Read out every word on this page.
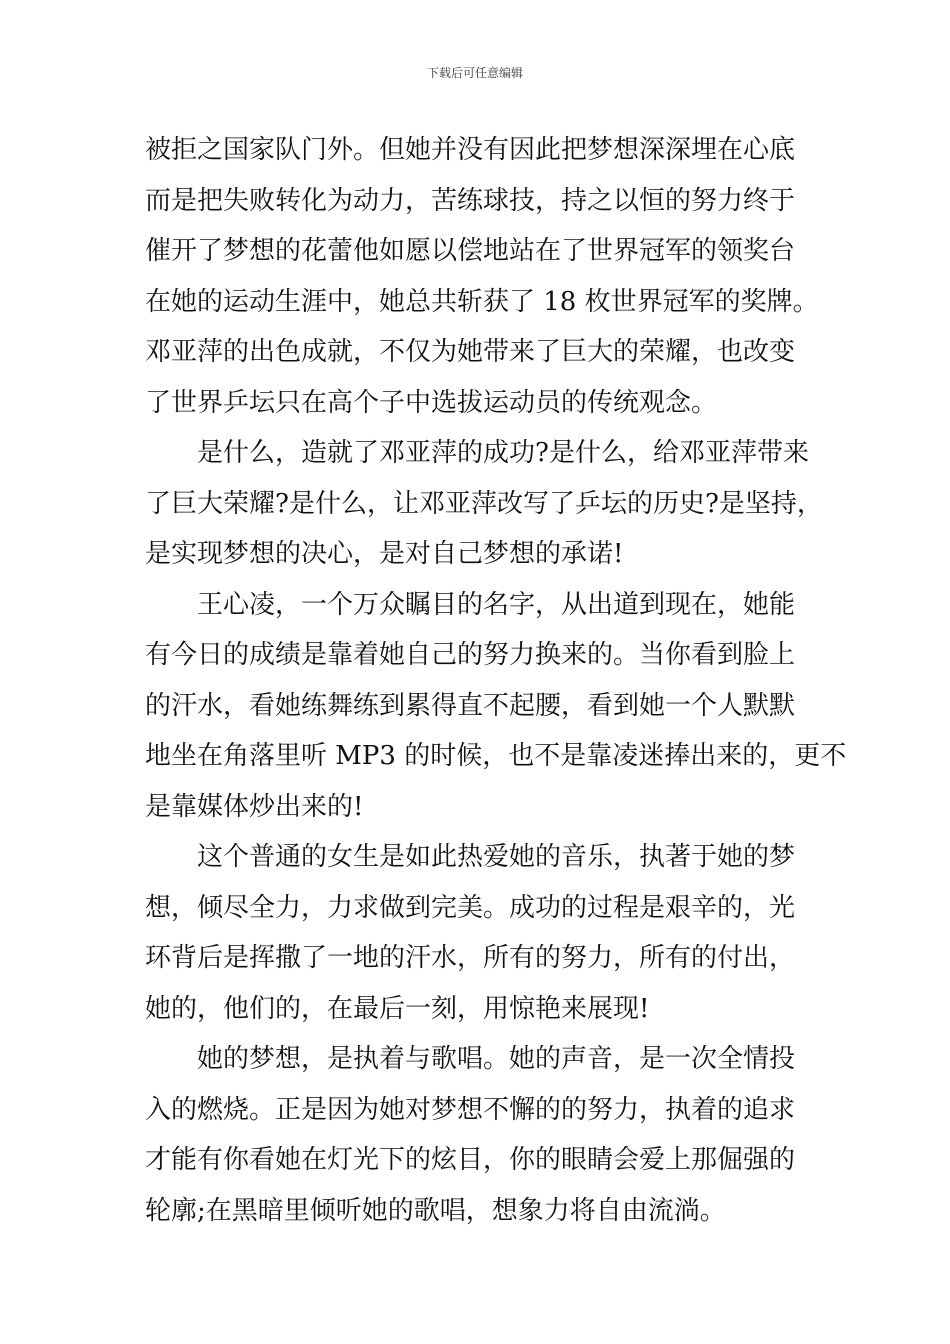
下载后可任意编辑
被拒之国家队门外。但她并没有因此把梦想深深埋在心底
而是把失败转化为动力，苦练球技，持之以恒的努力终于
催开了梦想的花蕾他如愿以偿地站在了世界冠军的领奖台
在她的运动生涯中，她总共斩获了 18 枚世界冠军的奖牌。
邓亚萍的出色成就，不仅为她带来了巨大的荣耀，也改变
了世界乒坛只在高个子中选拔运动员的传统观念。
是什么，造就了邓亚萍的成功?是什么，给邓亚萍带来
了巨大荣耀?是什么，让邓亚萍改写了乒坛的历史?是坚持，
是实现梦想的决心，是对自己梦想的承诺!
王心凌，一个万众瞩目的名字，从出道到现在，她能
有今日的成绩是靠着她自己的努力换来的。当你看到脸上
的汗水，看她练舞练到累得直不起腰，看到她一个人默默
地坐在角落里听 MP3 的时候，也不是靠凌迷捧出来的，更不
是靠媒体炒出来的!
这个普通的女生是如此热爱她的音乐，执著于她的梦
想，倾尽全力，力求做到完美。成功的过程是艰辛的，光
环背后是挥撒了一地的汗水，所有的努力，所有的付出，
她的，他们的，在最后一刻，用惊艳来展现!
她的梦想，是执着与歌唱。她的声音，是一次全情投
入的燃烧。正是因为她对梦想不懈的的努力，执着的追求
才能有你看她在灯光下的炫目，你的眼睛会爱上那倔强的
轮廓;在黑暗里倾听她的歌唱，想象力将自由流淌。
